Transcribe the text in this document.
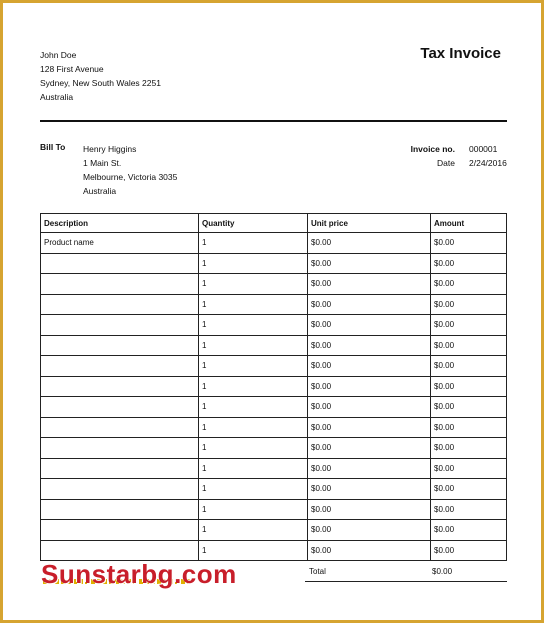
John Doe
128 First Avenue
Sydney, New South Wales 2251
Australia
Tax Invoice
Bill To Henry Higgins
1 Main St.
Melbourne, Victoria 3035
Australia
Invoice no.	000001
Date	2/24/2016
Description	Quantity	Unit price	Amount
Product name	1	$0.00	$0.00
	1	$0.00	$0.00
	1	$0.00	$0.00
	1	$0.00	$0.00
	1	$0.00	$0.00
	1	$0.00	$0.00
	1	$0.00	$0.00
	1	$0.00	$0.00
	1	$0.00	$0.00
	1	$0.00	$0.00
	1	$0.00	$0.00
	1	$0.00	$0.00
	1	$0.00	$0.00
	1	$0.00	$0.00
	1	$0.00	$0.00
	1	$0.00	$0.00
Total	$0.00
Sunstarbg.com
